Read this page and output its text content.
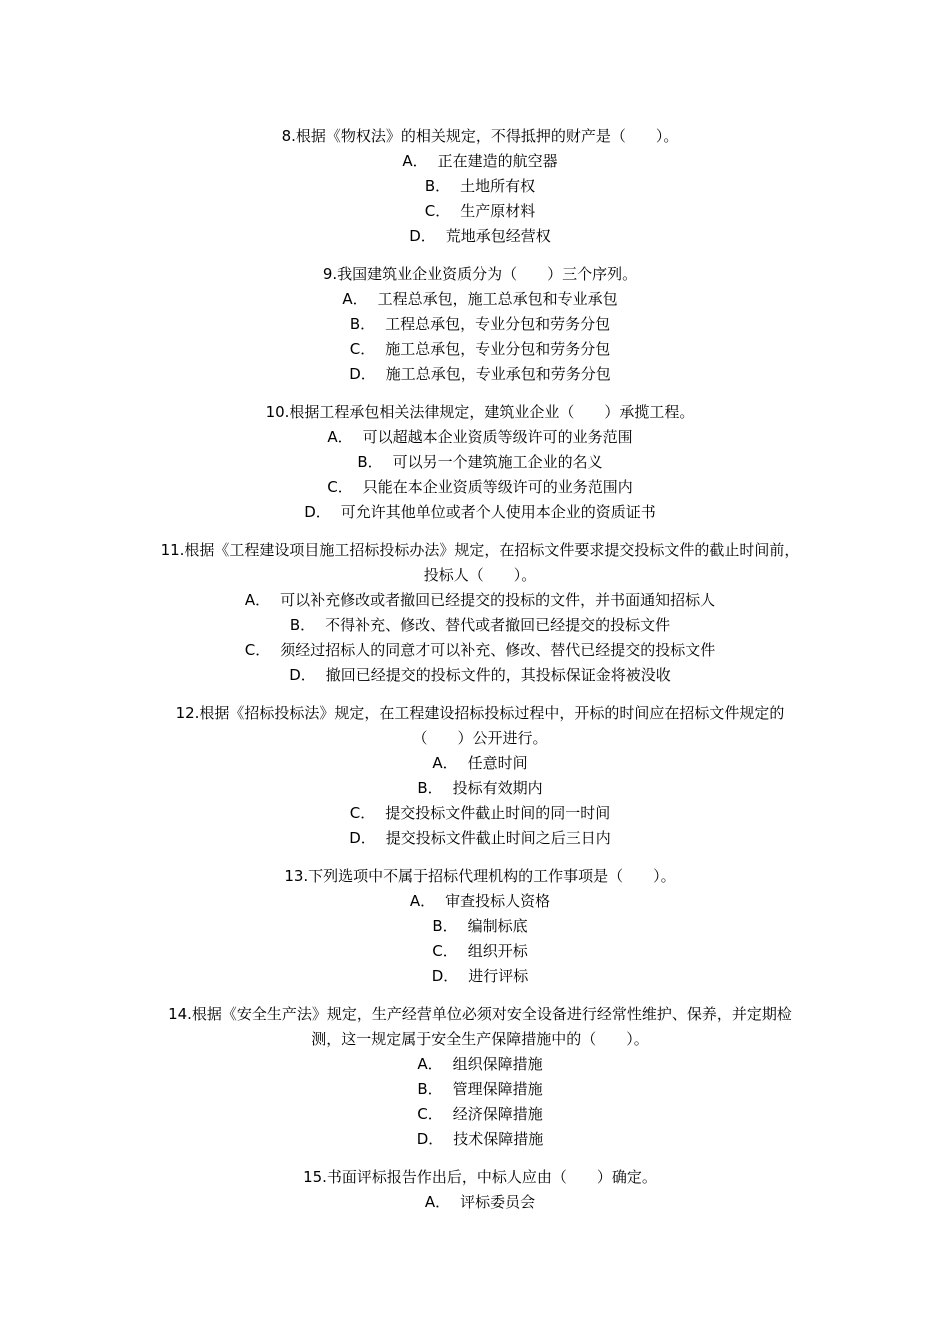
8.根据《物权法》的相关规定，不得抵押的财产是（　　）。

A． 正在建造的航空器
B． 土地所有权
C． 生产原材料
D． 荒地承包经营权

9.我国建筑业企业资质分为（　　）三个序列。

A． 工程总承包，施工总承包和专业承包
B． 工程总承包，专业分包和劳务分包
C． 施工总承包，专业分包和劳务分包
D． 施工总承包，专业承包和劳务分包

10.根据工程承包相关法律规定，建筑业企业（　　）承揽工程。

A． 可以超越本企业资质等级许可的业务范围
B． 可以另一个建筑施工企业的名义
C． 只能在本企业资质等级许可的业务范围内
D． 可允许其他单位或者个人使用本企业的资质证书

11.根据《工程建设项目施工招标投标办法》规定，在招标文件要求提交投标文件的截止时间前，投标人（　　）。

A． 可以补充修改或者撤回已经提交的投标的文件，并书面通知招标人
B． 不得补充、修改、替代或者撤回已经提交的投标文件
C． 须经过招标人的同意才可以补充、修改、替代已经提交的投标文件
D． 撤回已经提交的投标文件的，其投标保证金将被没收

12.根据《招标投标法》规定，在工程建设招标投标过程中，开标的时间应在招标文件规定的（　　）公开进行。

A． 任意时间
B． 投标有效期内
C． 提交投标文件截止时间的同一时间
D． 提交投标文件截止时间之后三日内

13.下列选项中不属于招标代理机构的工作事项是（　　）。

A． 审查投标人资格
B． 编制标底
C． 组织开标
D． 进行评标

14.根据《安全生产法》规定，生产经营单位必须对安全设备进行经常性维护、保养，并定期检测，这一规定属于安全生产保障措施中的（　　）。

A． 组织保障措施
B． 管理保障措施
C． 经济保障措施
D． 技术保障措施

15.书面评标报告作出后，中标人应由（　　）确定。

A． 评标委员会
